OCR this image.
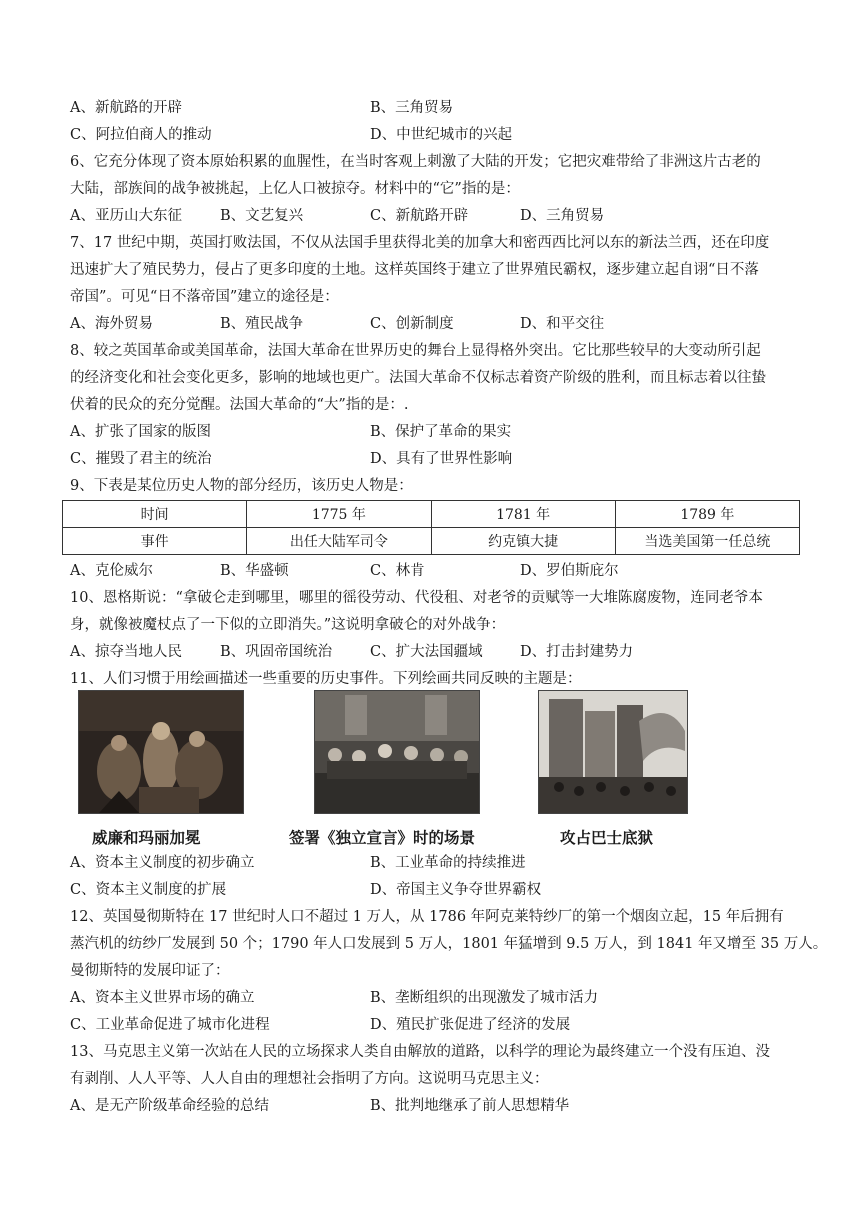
A、新航路的开辟	B、三角贸易
C、阿拉伯商人的推动	D、中世纪城市的兴起
6、它充分体现了资本原始积累的血腥性，在当时客观上刺激了大陆的开发；它把灾难带给了非洲这片古老的
大陆，部族间的战争被挑起，上亿人口被掠夺。材料中的“它”指的是：
A、亚历山大东征	B、文艺复兴	C、新航路开辟	D、三角贸易
7、17 世纪中期，英国打败法国，不仅从法国手里获得北美的加拿大和密西西比河以东的新法兰西，还在印度
迅速扩大了殖民势力，侵占了更多印度的土地。这样英国终于建立了世界殖民霸权，逐步建立起自诩“日不落
帝国”。可见“日不落帝国”建立的途径是：
A、海外贸易	B、殖民战争	C、创新制度	D、和平交往
8、较之英国革命或美国革命，法国大革命在世界历史的舞台上显得格外突出。它比那些较早的大变动所引起
的经济变化和社会变化更多，影响的地域也更广。法国大革命不仅标志着资产阶级的胜利，而且标志着以往蛰
伏着的民众的充分觉醒。法国大革命的“大”指的是：.
A、扩张了国家的版图	B、保护了革命的果实
C、摧毁了君主的统治	D、具有了世界性影响
9、下表是某位历史人物的部分经历，该历史人物是：
时间	1775 年	1781 年	1789 年
事件	出任大陆军司令	约克镇大捷	当选美国第一任总统
A、克伦威尔	B、华盛顿	C、林肯	D、罗伯斯庇尔
10、恩格斯说：“拿破仑走到哪里，哪里的徭役劳动、代役租、对老爷的贡赋等一大堆陈腐废物，连同老爷本
身，就像被魔杖点了一下似的立即消失。”这说明拿破仑的对外战争：
A、掠夺当地人民	B、巩固帝国统治	C、扩大法国疆域	D、打击封建势力
11、人们习惯于用绘画描述一些重要的历史事件。下列绘画共同反映的主题是：
威廉和玛丽加冕	签署《独立宣言》时的场景	攻占巴士底狱
A、资本主义制度的初步确立	B、工业革命的持续推进
C、资本主义制度的扩展	D、帝国主义争夺世界霸权
12、英国曼彻斯特在 17 世纪时人口不超过 1 万人，从 1786 年阿克莱特纱厂的第一个烟囱立起，15 年后拥有
蒸汽机的纺纱厂发展到 50 个；1790 年人口发展到 5 万人，1801 年猛增到 9.5 万人，到 1841 年又增至 35 万人。
曼彻斯特的发展印证了：
A、资本主义世界市场的确立	B、垄断组织的出现激发了城市活力
C、工业革命促进了城市化进程	D、殖民扩张促进了经济的发展
13、马克思主义第一次站在人民的立场探求人类自由解放的道路，以科学的理论为最终建立一个没有压迫、没
有剥削、人人平等、人人自由的理想社会指明了方向。这说明马克思主义：
A、是无产阶级革命经验的总结	B、批判地继承了前人思想精华
